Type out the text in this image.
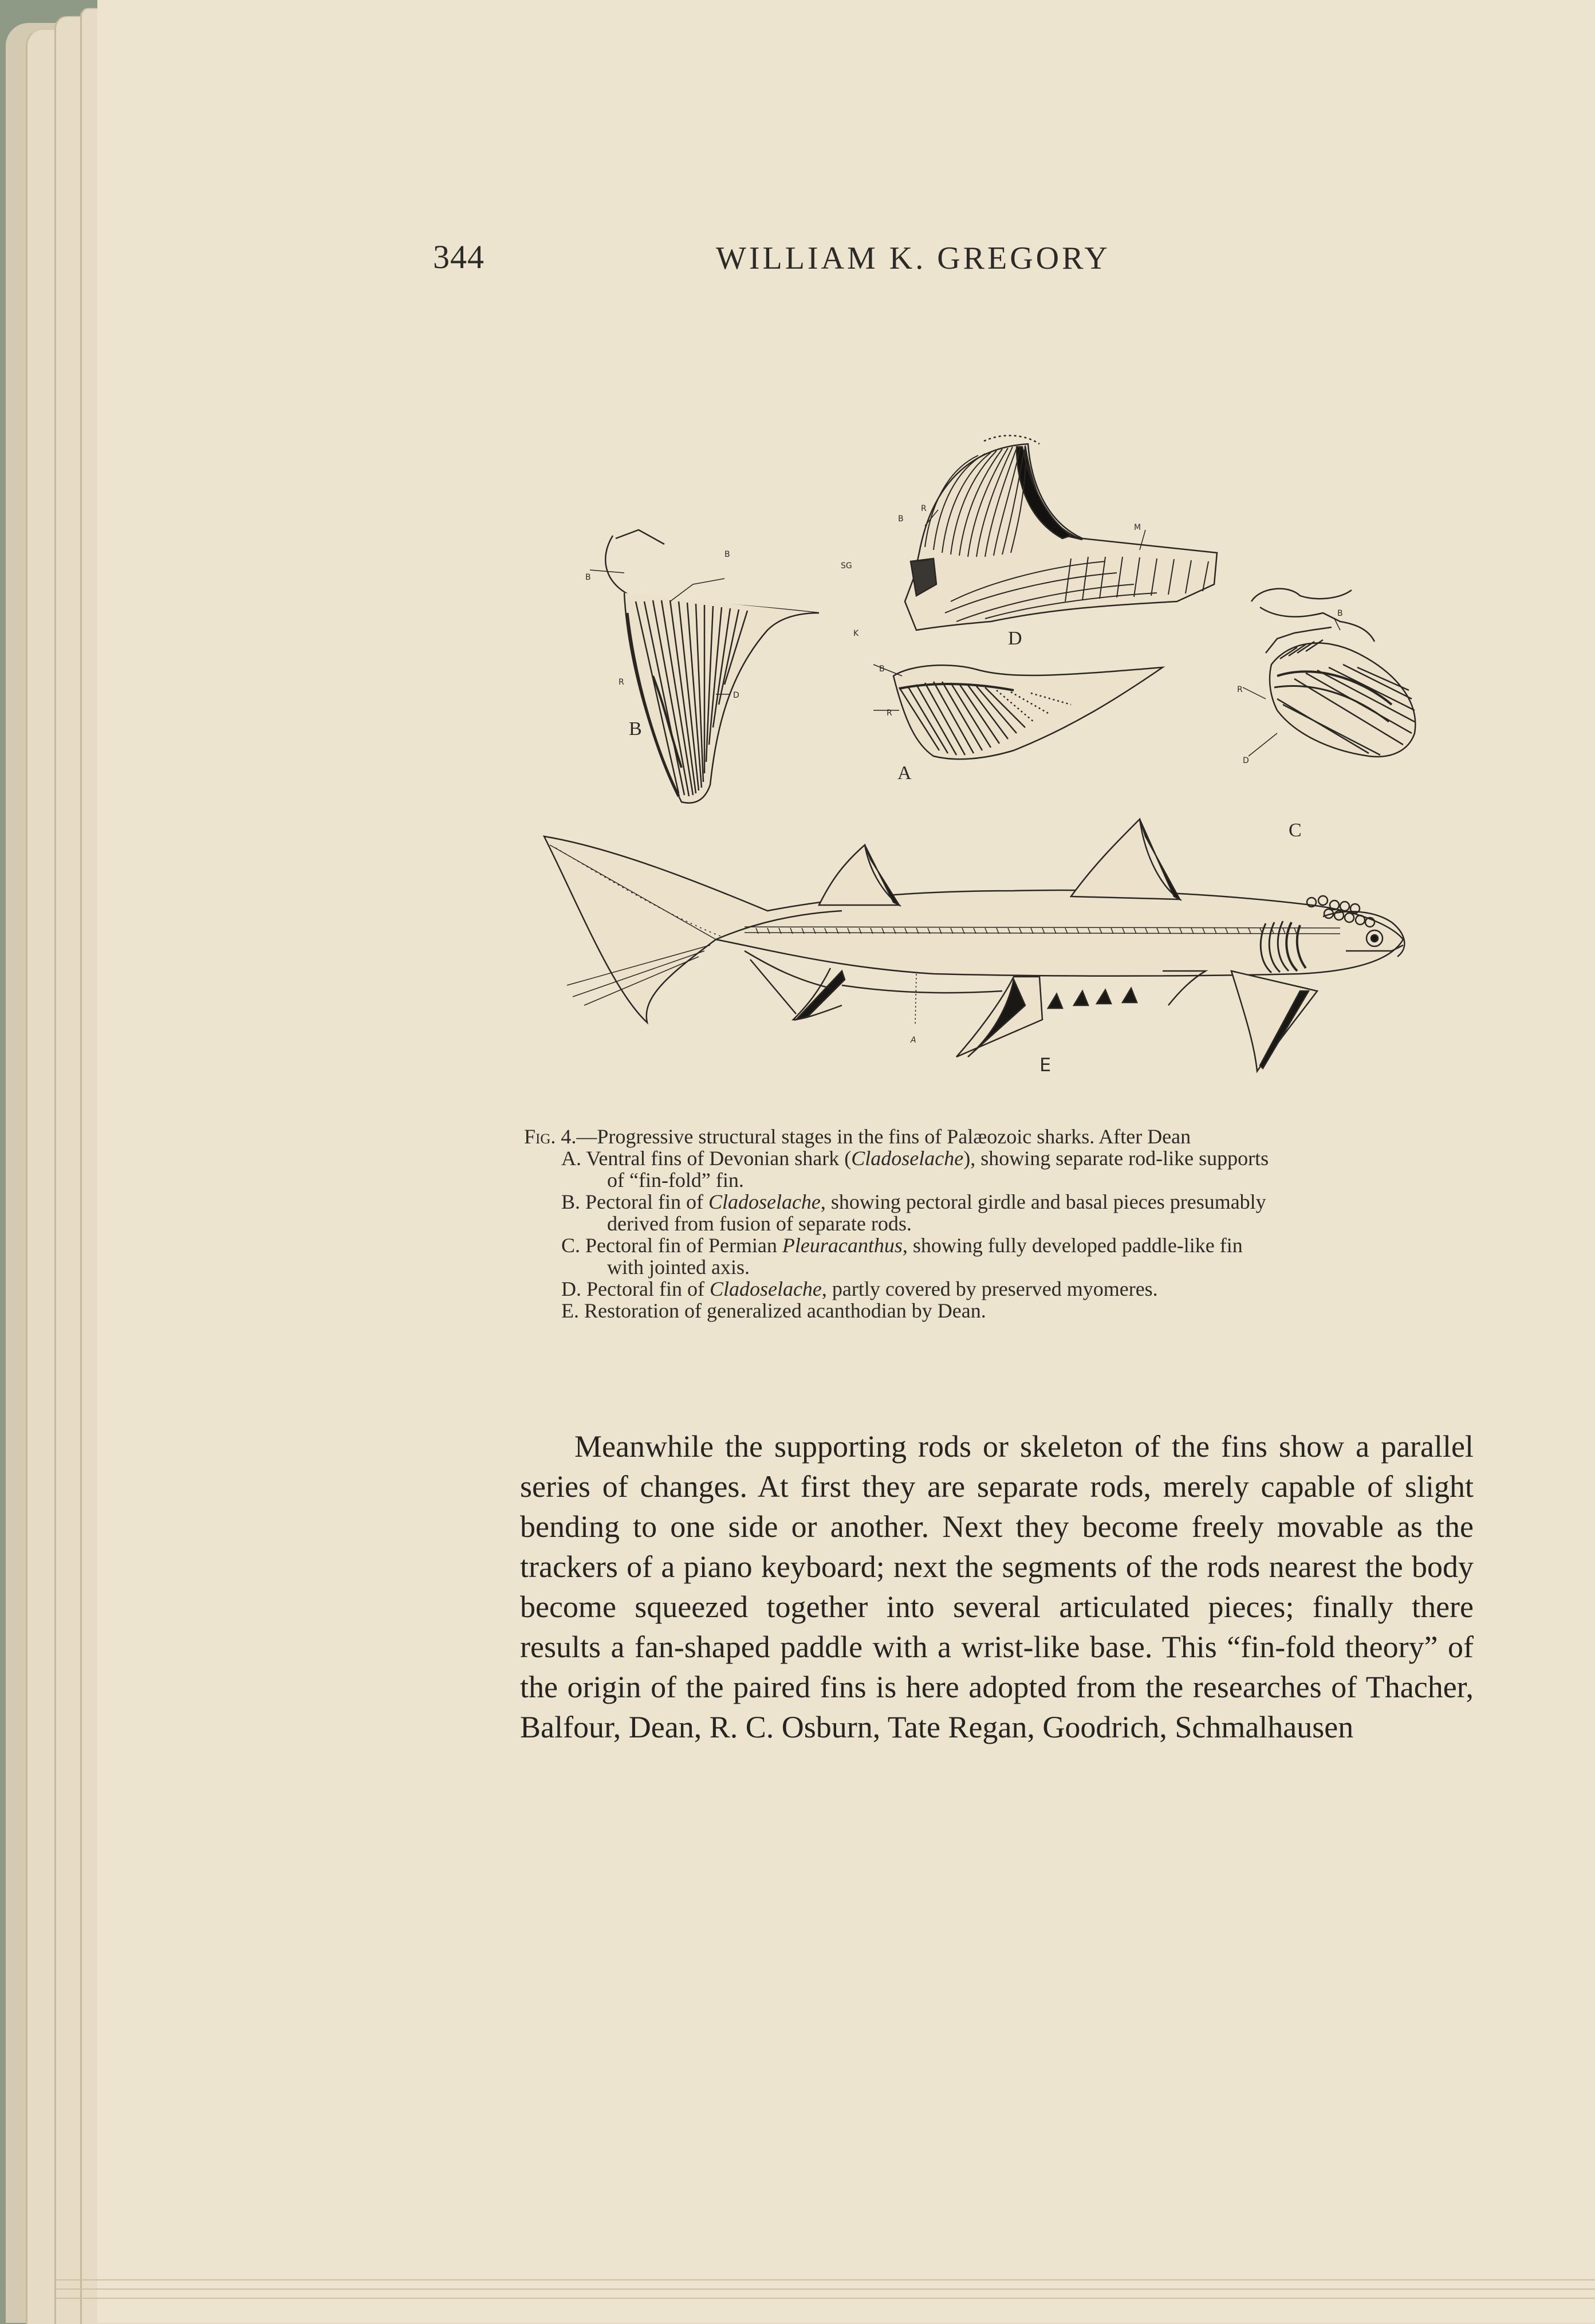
344	WILLIAM K. GREGORY
R
B
SG
M
K	D
B
B
R
D
B
B
R
A
B
R
D
C
A
E
Fig. 4.—Progressive structural stages in the fins of Palæozoic sharks. After Dean
A. Ventral fins of Devonian shark (Cladoselache), showing separate rod-like supports
of “fin-fold” fin.
B. Pectoral fin of Cladoselache, showing pectoral girdle and basal pieces presumably
derived from fusion of separate rods.
C. Pectoral fin of Permian Pleuracanthus, showing fully developed paddle-like fin
with jointed axis.
D. Pectoral fin of Cladoselache, partly covered by preserved myomeres.
E. Restoration of generalized acanthodian by Dean.

Meanwhile the supporting rods or skeleton of the fins show a parallel series of changes. At first they are separate rods, merely capable of slight bending to one side or another. Next they become freely movable as the trackers of a piano keyboard; next the segments of the rods nearest the body become squeezed together into several articulated pieces; finally there results a fan-shaped paddle with a wrist-like base. This “fin-fold theory” of the origin of the paired fins is here adopted from the researches of Thacher, Balfour, Dean, R. C. Osburn, Tate Regan, Goodrich, Schmalhausen
